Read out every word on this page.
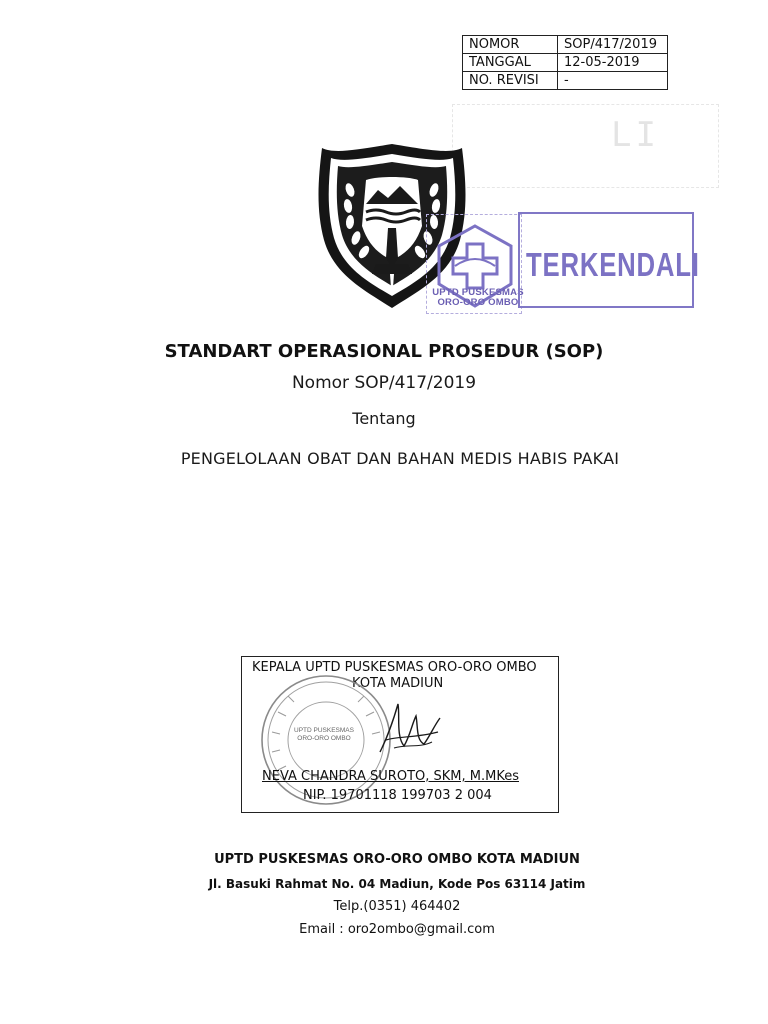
NOMOR	SOP/417/2019
TANGGAL	12-05-2019
NO. REVISI	-
LI
UPTD PUSKESMAS
ORO-ORO OMBO
TERKENDALI
STANDART OPERASIONAL PROSEDUR (SOP)
Nomor SOP/417/2019
Tentang
PENGELOLAAN OBAT DAN BAHAN MEDIS HABIS PAKAI
KEPALA UPTD PUSKESMAS ORO-ORO OMBO
KOTA MADIUN
UPTD PUSKESMAS
ORO-ORO OMBO
NEVA CHANDRA SUROTO, SKM, M.MKes
NIP. 19701118 199703 2 004
UPTD PUSKESMAS ORO-ORO OMBO KOTA MADIUN
Jl. Basuki Rahmat No. 04 Madiun, Kode Pos 63114 Jatim
Telp.(0351) 464402
Email : oro2ombo@gmail.com
